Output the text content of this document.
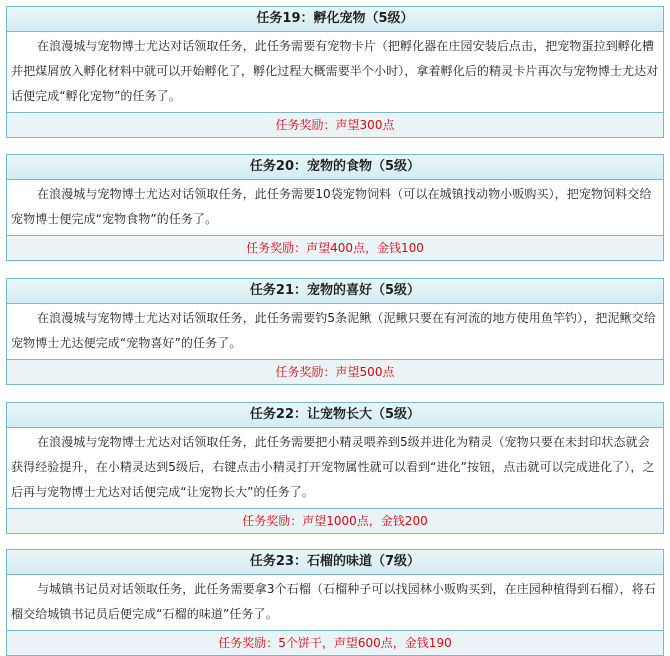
任务19：孵化宠物（5级）
在浪漫城与宠物博士尤达对话领取任务，此任务需要有宠物卡片（把孵化器在庄园安装后点击，把宠物蛋拉到孵化槽并把煤屑放入孵化材料中就可以开始孵化了，孵化过程大概需要半个小时），拿着孵化后的精灵卡片再次与宠物博士尤达对话便完成“孵化宠物”的任务了。
任务奖励：声望300点
任务20：宠物的食物（5级）
在浪漫城与宠物博士尤达对话领取任务，此任务需要10袋宠物饲料（可以在城镇找动物小贩购买），把宠物饲料交给宠物博士便完成“宠物食物”的任务了。
任务奖励：声望400点，金钱100
任务21：宠物的喜好（5级）
在浪漫城与宠物博士尤达对话领取任务，此任务需要钓5条泥鳅（泥鳅只要在有河流的地方使用鱼竿钓），把泥鳅交给宠物博士尤达便完成“宠物喜好”的任务了。
任务奖励：声望500点
任务22：让宠物长大（5级）
在浪漫城与宠物博士尤达对话领取任务，此任务需要把小精灵喂养到5级并进化为精灵（宠物只要在未封印状态就会获得经验提升，在小精灵达到5级后，右键点击小精灵打开宠物属性就可以看到“进化”按钮，点击就可以完成进化了），之后再与宠物博士尤达对话便完成“让宠物长大”的任务了。
任务奖励：声望1000点，金钱200
任务23：石榴的味道（7级）
与城镇书记员对话领取任务，此任务需要拿3个石榴（石榴种子可以找园林小贩购买到，在庄园种植得到石榴），将石榴交给城镇书记员后便完成“石榴的味道”任务了。
任务奖励：5个饼干，声望600点，金钱190
